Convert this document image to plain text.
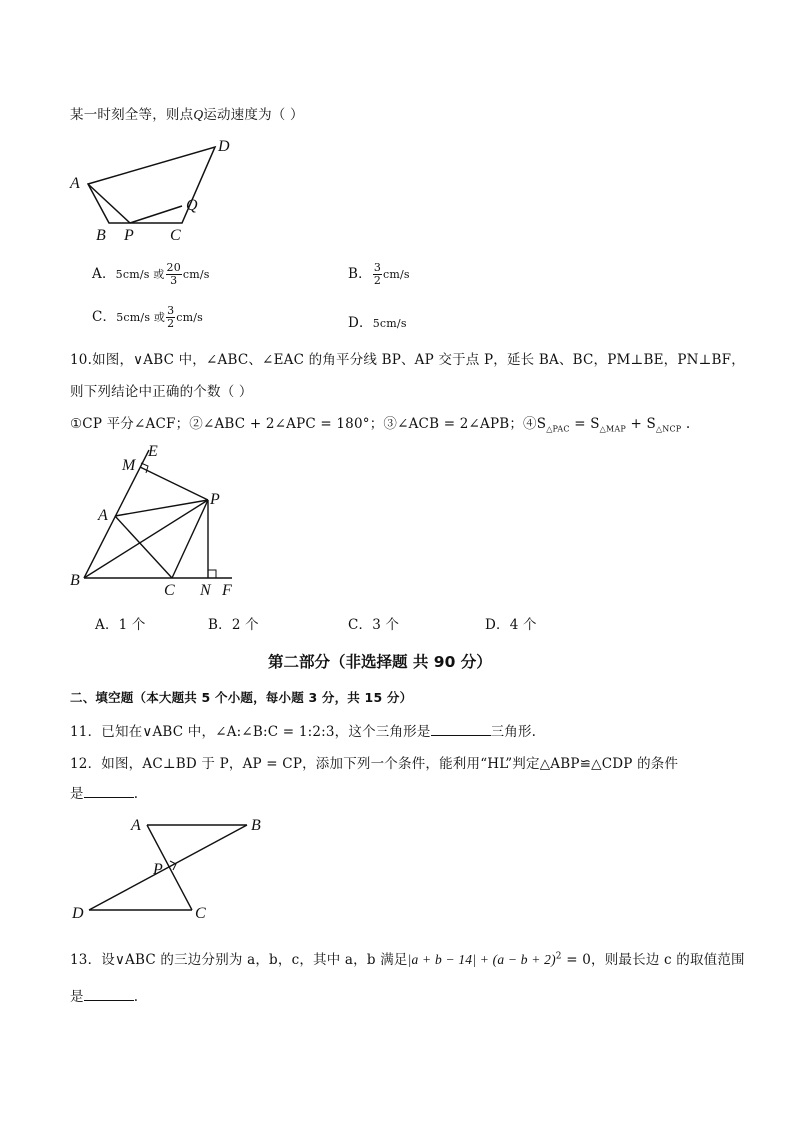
某一时刻全等，则点Q运动速度为（ ）
A
D
Q
B P C
A．5cm/s 或 $\frac{20}{3} cm/s$	B． $\frac{3}{2} cm/s$
C．5cm/s 或 $\frac{3}{2} cm/s$	D．5cm/s
10.如图，∨ABC 中，∠ABC、∠EAC 的角平分线 BP、AP 交于点 P，延长 BA、BC，PM⊥BE，PN⊥BF，
则下列结论中正确的个数（ ）
①CP 平分∠ACF；②∠ABC + 2∠APC = 180°；③∠ACB = 2∠APB；$④S_{\triangle PAC} = S_{\triangle MAP} + S_{\triangle NCP}$ .
E
M
P
A
B
C N F
A．1 个	B．2 个	C．3 个	D．4 个
第二部分（非选择题 共 90 分）
二、填空题（本大题共 5 个小题，每小题 3 分，共 15 分）
11．已知在∨ABC 中，∠A:∠B:C = 1:2:3，这个三角形是	三角形.
12．如图，AC⊥BD 于 P，AP = CP，添加下列一个条件，能利用“HL”判定△ABP≌△CDP 的条件
是	.
A	B
P
D	C
13．设∨ABC 的三边分别为 a，b，c，其中 a，b 满足$|a + b - 14| + (a - b + 2)^2 = 0$，则最长边 c 的取值范围
是	.
